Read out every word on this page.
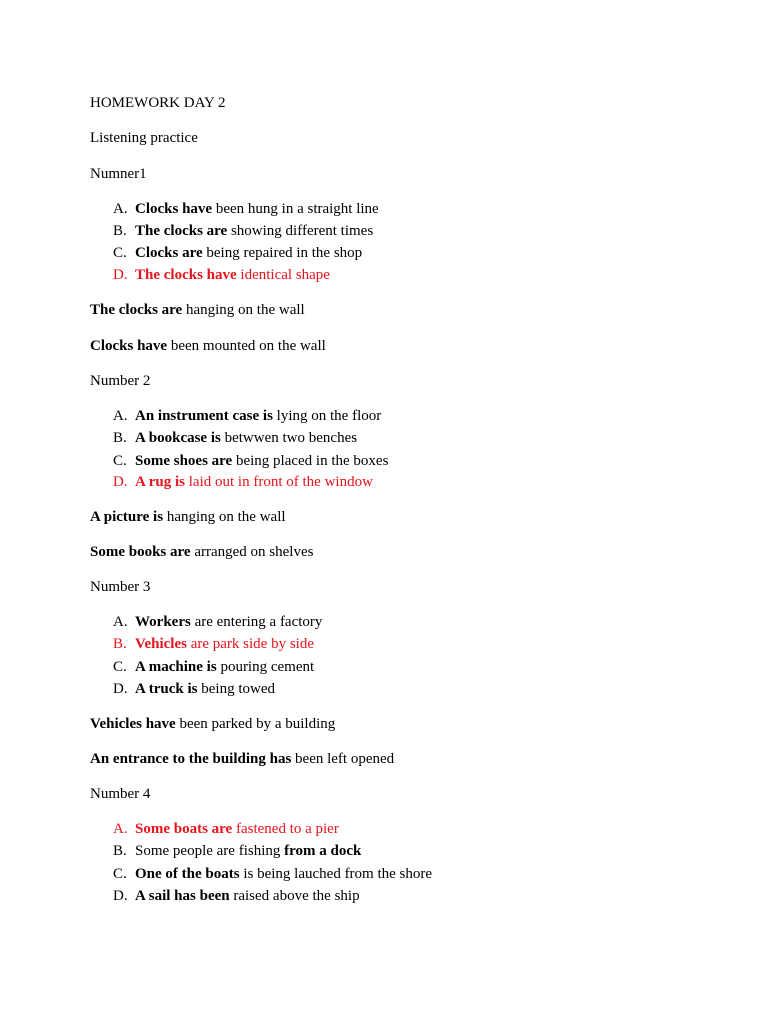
HOMEWORK DAY 2
Listening practice
Numner1
A. Clocks have been hung in a straight line
B. The clocks are showing different times
C. Clocks are being repaired in the shop
D. The clocks have identical shape
The clocks are hanging on the wall
Clocks have been mounted on the wall
Number 2
A. An instrument case is lying on the floor
B. A bookcase is betwwen two benches
C. Some shoes are being placed in the boxes
D. A rug is laid out in front of the window
A picture is hanging on the wall
Some books are arranged on shelves
Number 3
A. Workers are entering a factory
B. Vehicles are park side by side
C. A machine is pouring cement
D. A truck is being towed
Vehicles have been parked by a building
An entrance to the building has been left opened
Number 4
A. Some boats are fastened to a pier
B. Some people are fishing from a dock
C. One of the boats is being lauched from the shore
D. A sail has been raised above the ship
